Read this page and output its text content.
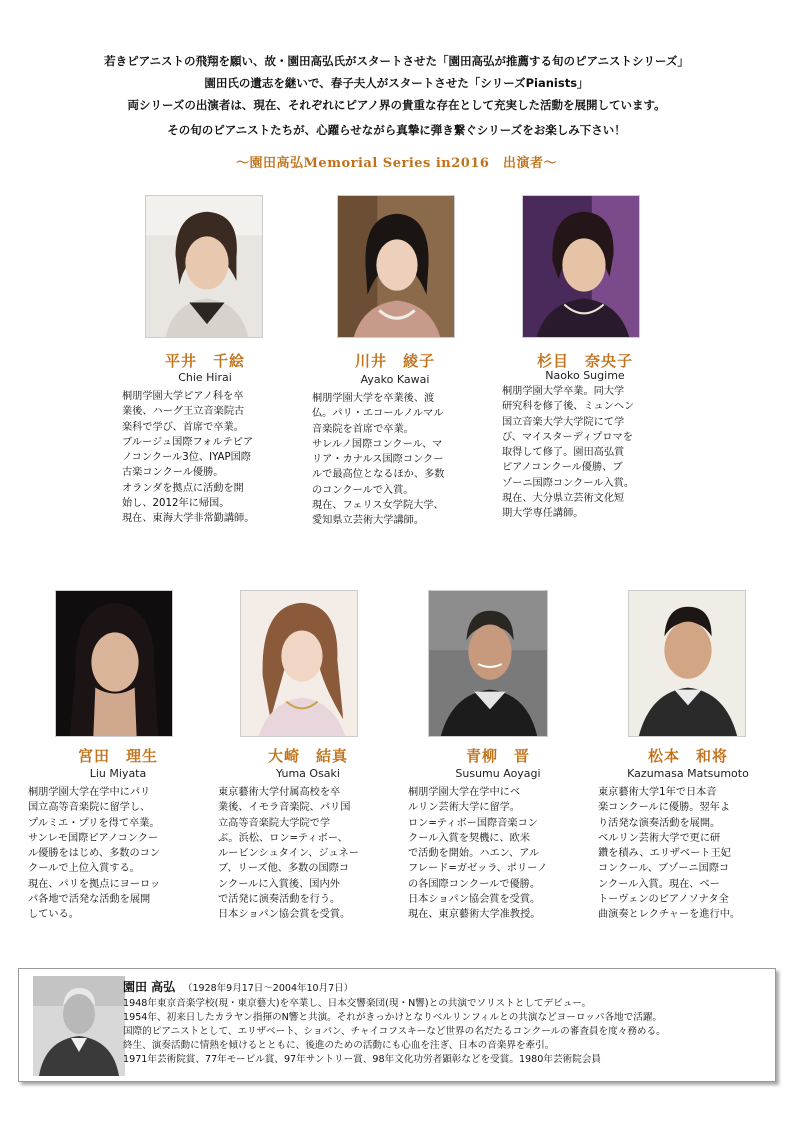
若きピアニストの飛翔を願い、故・園田高弘氏がスタートさせた「園田高弘が推薦する旬のピアニストシリーズ」

園田氏の遺志を継いで、春子夫人がスタートさせた「シリーズPianists」

両シリーズの出演者は、現在、それぞれにピアノ界の貴重な存在として充実した活動を展開しています。

その旬のピアニストたちが、心躍らせながら真摯に弾き繋ぐシリーズをお楽しみ下さい！

～園田高弘Memorial Series in2016　出演者～
平井　千絵
Chie Hirai
桐朋学園大学ピアノ科を卒
業後、ハーグ王立音楽院古
楽科で学び、首席で卒業。
ブルージュ国際フォルテピア
ノコンクール3位、IYAP国際
古楽コンクール優勝。
オランダを拠点に活動を開
始し、2012年に帰国。
現在、東海大学非常勤講師。
川井　綾子
Ayako Kawai
桐朋学園大学を卒業後、渡
仏。パリ・エコールノルマル
音楽院を首席で卒業。
サレルノ国際コンクール、マ
リア・カナルス国際コンクー
ルで最高位となるほか、多数
のコンクールで入賞。
現在、フェリス女学院大学、
愛知県立芸術大学講師。
杉目　奈央子
Naoko Sugime
桐朋学園大学卒業。同大学
研究科を修了後、ミュンヘン
国立音楽大学大学院にて学
び、マイスターディプロマを
取得して修了。園田高弘賞
ピアノコンクール優勝、ブ
ゾーニ国際コンクール入賞。
現在、大分県立芸術文化短
期大学専任講師。
宮田　理生
Liu Miyata
桐朋学園大学在学中にパリ
国立高等音楽院に留学し、
プルミエ・プリを得て卒業。
サンレモ国際ピアノコンクー
ル優勝をはじめ、多数のコン
クールで上位入賞する。
現在、パリを拠点にヨーロッ
パ各地で活発な活動を展開
している。
大崎　結真
Yuma Osaki
東京藝術大学付属高校を卒
業後、イモラ音楽院、パリ国
立高等音楽院大学院で学
ぶ。浜松、ロン=ティボー、
ルービンシュタイン、ジュネー
ブ、リーズ他、多数の国際コ
ンクールに入賞後、国内外
で活発に演奏活動を行う。
日本ショパン協会賞を受賞。
青柳　晋
Susumu Aoyagi
桐朋学園大学在学中にベ
ルリン芸術大学に留学。
ロン=ティボー国際音楽コン
クール入賞を契機に、欧米
で活動を開始。ハエン、アル
フレード=ガゼッラ、ポリーノ
の各国際コンクールで優勝。
日本ショパン協会賞を受賞。
現在、東京藝術大学准教授。
松本　和将
Kazumasa Matsumoto
東京藝術大学1年で日本音
楽コンクールに優勝。翌年よ
り活発な演奏活動を展開。
ベルリン芸術大学で更に研
鑽を積み、エリザベート王妃
コンクール、ブゾーニ国際コ
ンクール入賞。現在、ベー
トーヴェンのピアノソナタ全
曲演奏とレクチャーを進行中。
園田 高弘 （1928年9月17日～2004年10月7日）
1948年東京音楽学校(現・東京藝大)を卒業し、日本交響楽団(現・N響)との共演でソリストとしてデビュー。
1954年、初来日したカラヤン指揮のN響と共演。それがきっかけとなりベルリンフィルとの共演などヨーロッパ各地で活躍。
国際的ピアニストとして、エリザベート、ショパン、チャイコフスキーなど世界の名だたるコンクールの審査員を度々務める。
終生、演奏活動に情熱を傾けるとともに、後進のための活動にも心血を注ぎ、日本の音楽界を牽引。
1971年芸術院賞、77年モービル賞、97年サントリー賞、98年文化功労者顕彰などを受賞。1980年芸術院会員
